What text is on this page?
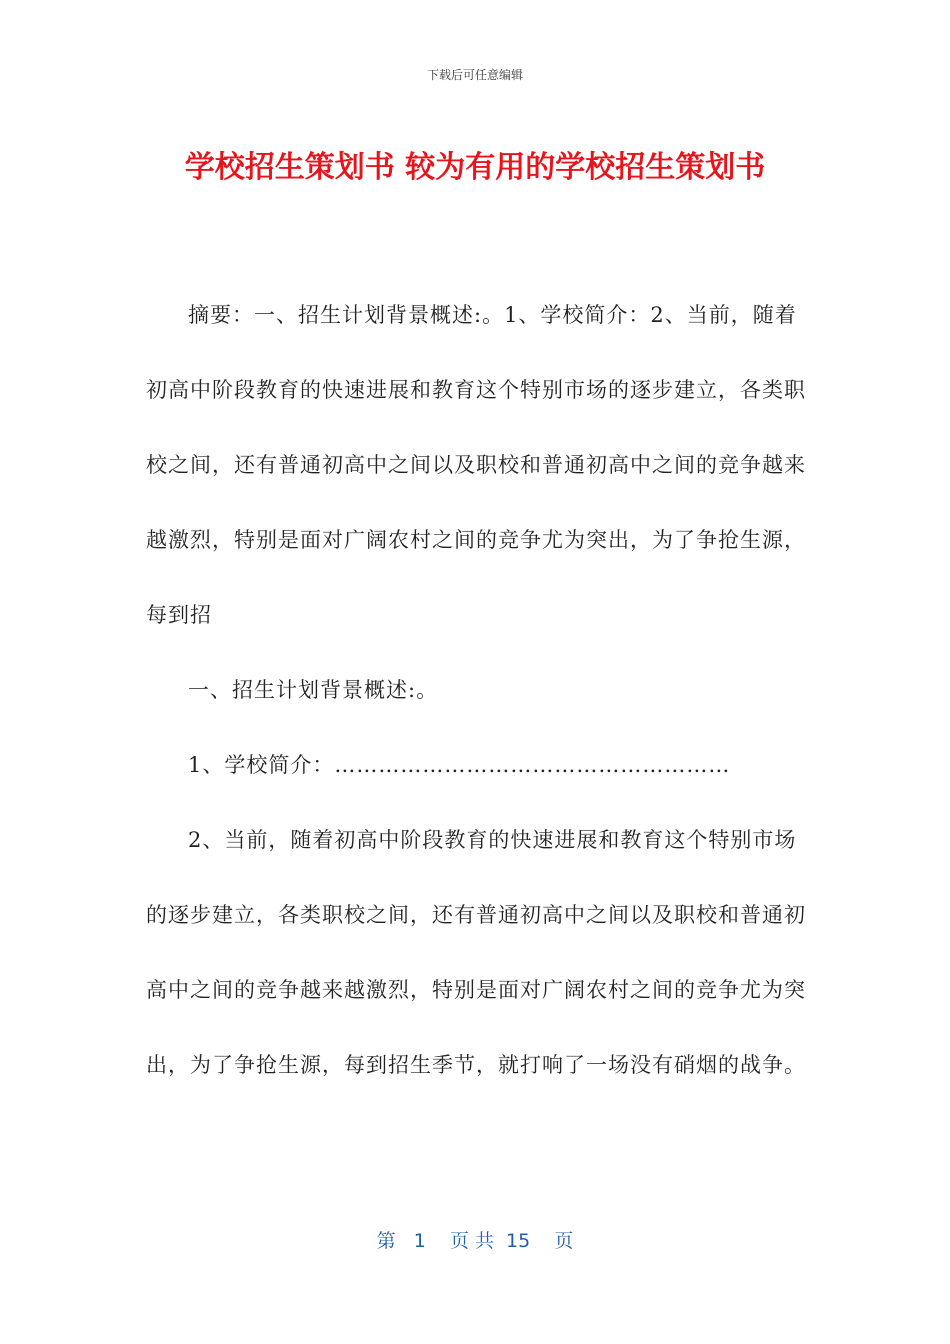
下载后可任意编辑
学校招生策划书 较为有用的学校招生策划书

摘要：一、招生计划背景概述:。1、学校简介：2、当前，随着初高中阶段教育的快速进展和教育这个特别市场的逐步建立，各类职校之间，还有普通初高中之间以及职校和普通初高中之间的竞争越来越激烈，特别是面对广阔农村之间的竞争尤为突出，为了争抢生源，每到招

一、招生计划背景概述:。

1、学校简介：………………………………………………

2、当前，随着初高中阶段教育的快速进展和教育这个特别市场的逐步建立，各类职校之间，还有普通初高中之间以及职校和普通初高中之间的竞争越来越激烈，特别是面对广阔农村之间的竞争尤为突出，为了争抢生源，每到招生季节，就打响了一场没有硝烟的战争。

第   1    页 共  15    页
